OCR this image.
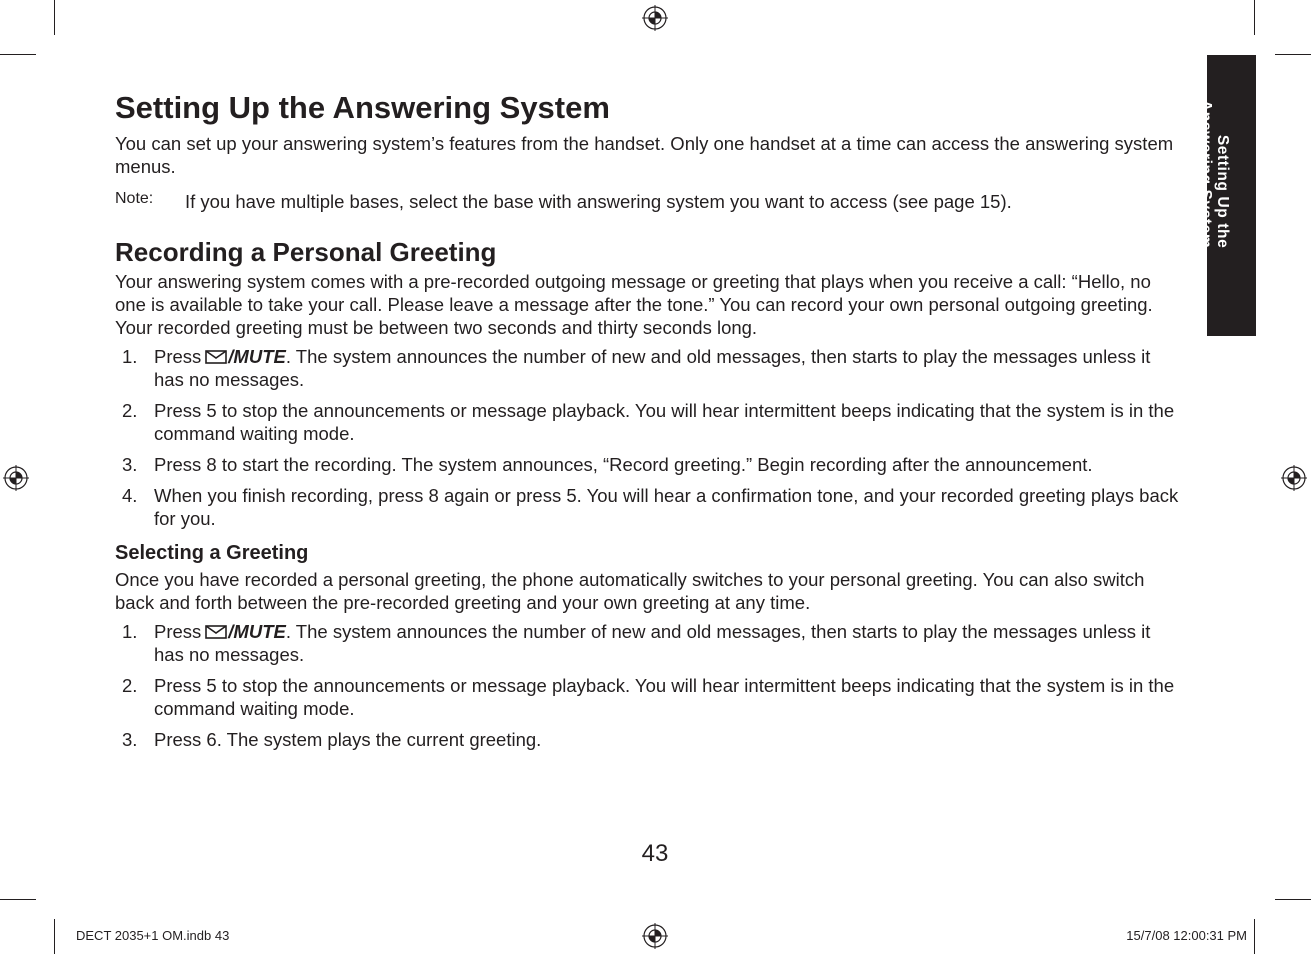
Setting Up the
Answering System
Setting Up the Answering System

You can set up your answering system’s features from the handset. Only one handset at a time can access the answering system menus.

Note:	If you have multiple bases, select the base with answering system you want to access (see page 15).

Recording a Personal Greeting

Your answering system comes with a pre-recorded outgoing message or greeting that plays when you receive a call: “Hello, no one is available to take your call. Please leave a message after the tone.” You can record your own personal outgoing greeting. Your recorded greeting must be between two seconds and thirty seconds long.

1. Press /MUTE. The system announces the number of new and old messages, then starts to play the messages unless it has no messages.
2. Press 5 to stop the announcements or message playback. You will hear intermittent beeps indicating that the system is in the command waiting mode.
3. Press 8 to start the recording. The system announces, “Record greeting.” Begin recording after the announcement.
4. When you finish recording, press 8 again or press 5. You will hear a confirmation tone, and your recorded greeting plays back for you.
Selecting a Greeting

Once you have recorded a personal greeting, the phone automatically switches to your personal greeting. You can also switch back and forth between the pre-recorded greeting and your own greeting at any time.

1. Press /MUTE. The system announces the number of new and old messages, then starts to play the messages unless it has no messages.
2. Press 5 to stop the announcements or message playback. You will hear intermittent beeps indicating that the system is in the command waiting mode.
3. Press 6. The system plays the current greeting.
43
DECT 2035+1 OM.indb 43	15/7/08 12:00:31 PM
